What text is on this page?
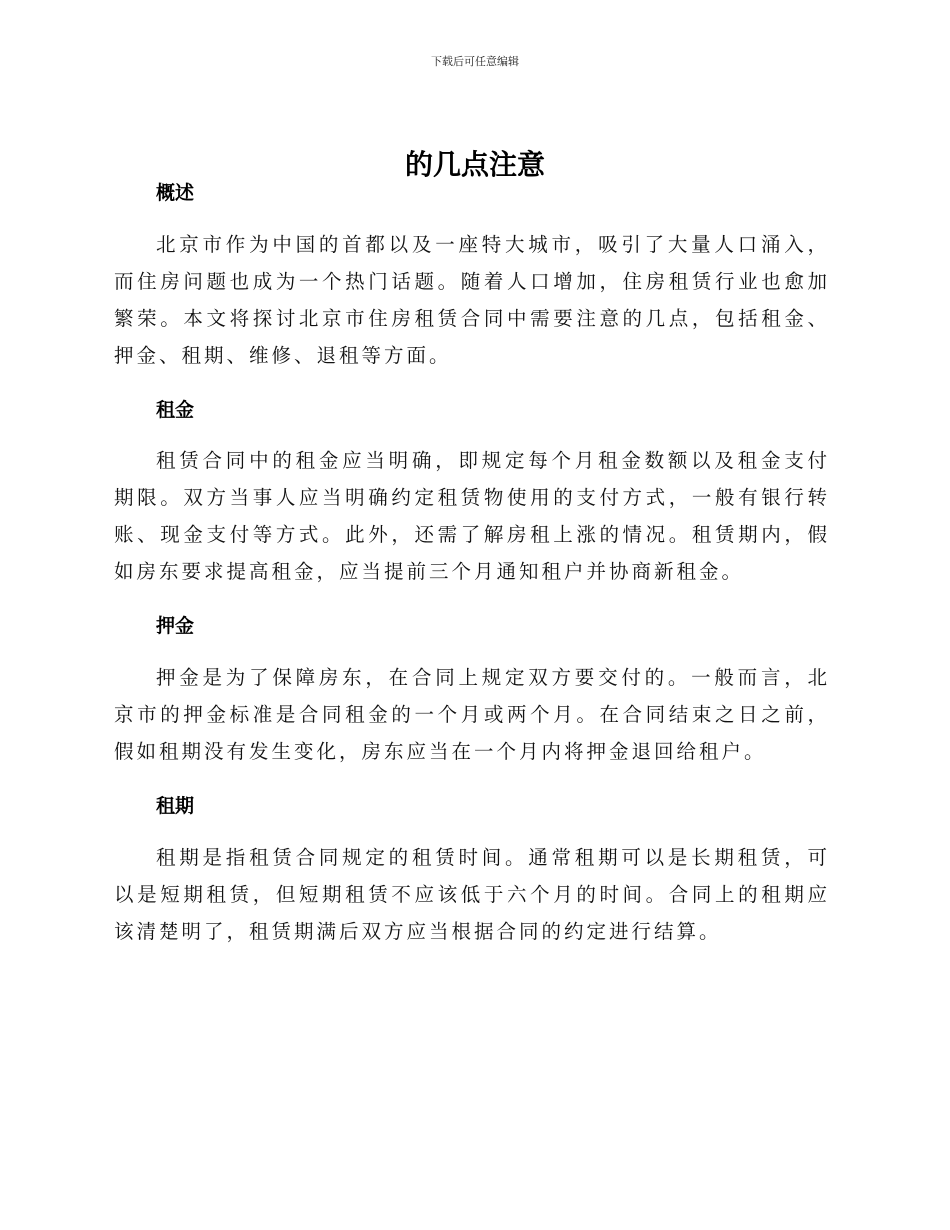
下载后可任意编辑
的几点注意
概述

北京市作为中国的首都以及一座特大城市，吸引了大量人口涌入，而住房问题也成为一个热门话题。随着人口增加，住房租赁行业也愈加繁荣。本文将探讨北京市住房租赁合同中需要注意的几点，包括租金、押金、租期、维修、退租等方面。

租金

租赁合同中的租金应当明确，即规定每个月租金数额以及租金支付期限。双方当事人应当明确约定租赁物使用的支付方式，一般有银行转账、现金支付等方式。此外，还需了解房租上涨的情况。租赁期内，假如房东要求提高租金，应当提前三个月通知租户并协商新租金。

押金

押金是为了保障房东，在合同上规定双方要交付的。一般而言，北京市的押金标准是合同租金的一个月或两个月。在合同结束之日之前，假如租期没有发生变化，房东应当在一个月内将押金退回给租户。

租期

租期是指租赁合同规定的租赁时间。通常租期可以是长期租赁，可以是短期租赁，但短期租赁不应该低于六个月的时间。合同上的租期应该清楚明了，租赁期满后双方应当根据合同的约定进行结算。
